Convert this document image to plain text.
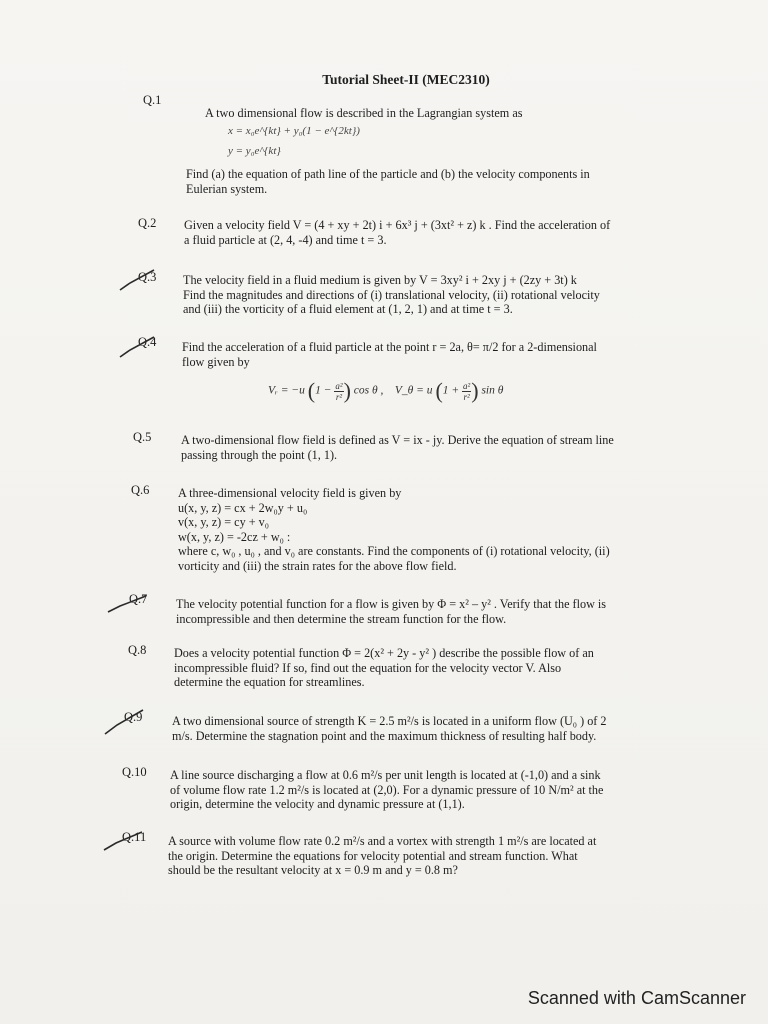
Tutorial Sheet-II (MEC2310)
Q.1
A two dimensional flow is described in the Lagrangian system as
x = x₀e^{kt} + y₀(1 − e^{2kt})
y = y₀e^{kt}
Find (a) the equation of path line of the particle and (b) the velocity components in
Eulerian system.
Q.2 Given a velocity field V = (4 + xy + 2t) i + 6x³ j + (3xt² + z) k . Find the acceleration of
a fluid particle at (2, 4, -4) and time t = 3.
Q.3 The velocity field in a fluid medium is given by V = 3xy² i + 2xy j + (2zy + 3t) k
Find the magnitudes and directions of (i) translational velocity, (ii) rotational velocity
and (iii) the vorticity of a fluid element at (1, 2, 1) and at time t = 3.
Q.4 Find the acceleration of a fluid particle at the point r = 2a, θ= π/2 for a 2-dimensional
flow given by
Vᵣ = −u ($1 - \frac{\text{a²}}{\text{r²}}$ ) cos θ , V_θ = u ($1 + \frac{\text{a²}}{\text{r²}}$ ) sin θ
Q.5 A two-dimensional flow field is defined as V = ix - jy. Derive the equation of stream line
passing through the point (1, 1).
Q.6 A three-dimensional velocity field is given by
u(x, y, z) = cx + 2w₀y + u₀
v(x, y, z) = cy + v₀
w(x, y, z) = -2cz + w₀ :
where c, w₀ , u₀ , and v₀ are constants. Find the components of (i) rotational velocity, (ii)
vorticity and (iii) the strain rates for the above flow field.
Q.7 The velocity potential function for a flow is given by Φ = x² – y² . Verify that the flow is
incompressible and then determine the stream function for the flow.
Q.8 Does a velocity potential function Φ = 2(x² + 2y - y² ) describe the possible flow of an
incompressible fluid? If so, find out the equation for the velocity vector V. Also
determine the equation for streamlines.
Q.9 A two dimensional source of strength K = 2.5 m²/s is located in a uniform flow (U₀ ) of 2
m/s. Determine the stagnation point and the maximum thickness of resulting half body.
Q.10 A line source discharging a flow at 0.6 m²/s per unit length is located at (-1,0) and a sink
of volume flow rate 1.2 m²/s is located at (2,0). For a dynamic pressure of 10 N/m² at the
origin, determine the velocity and dynamic pressure at (1,1).
Q.11 A source with volume flow rate 0.2 m²/s and a vortex with strength 1 m²/s are located at
the origin. Determine the equations for velocity potential and stream function. What
should be the resultant velocity at x = 0.9 m and y = 0.8 m?
Scanned with CamScanner
